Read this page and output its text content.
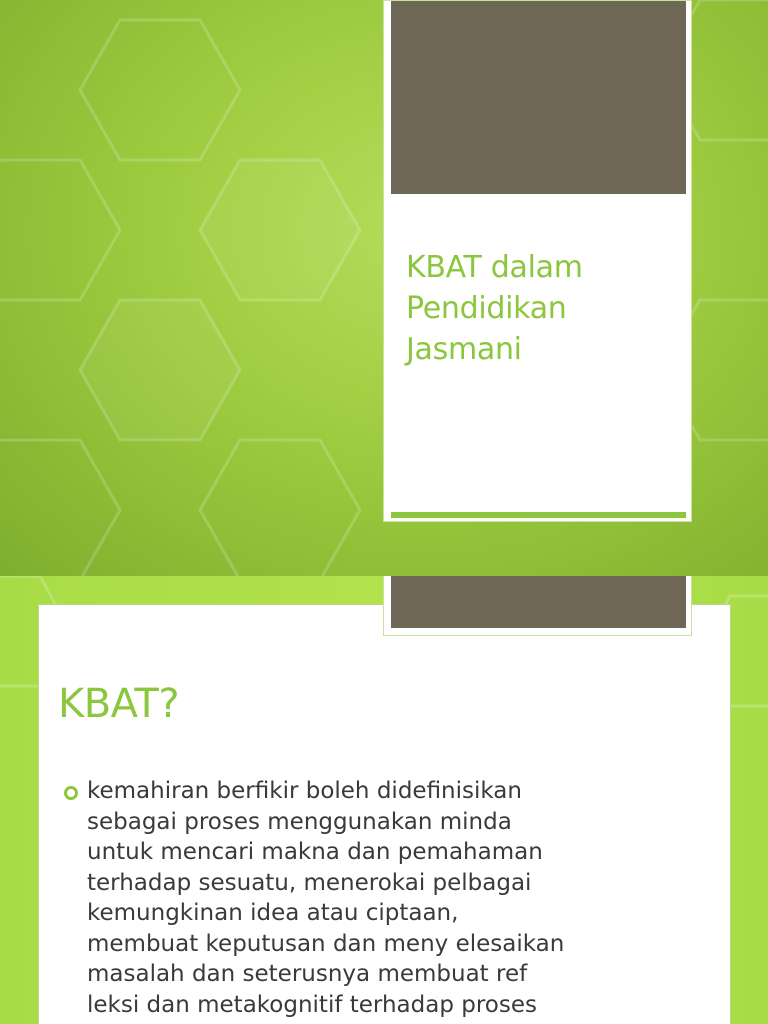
KBAT dalam
Pendidikan
Jasmani
KBAT?
kemahiran berfikir boleh didefinisikan
sebagai proses menggunakan minda
untuk mencari makna dan pemahaman
terhadap sesuatu, menerokai pelbagai
kemungkinan idea atau ciptaan,
membuat keputusan dan meny elesaikan
masalah dan seterusnya membuat ref
leksi dan metakognitif terhadap proses
